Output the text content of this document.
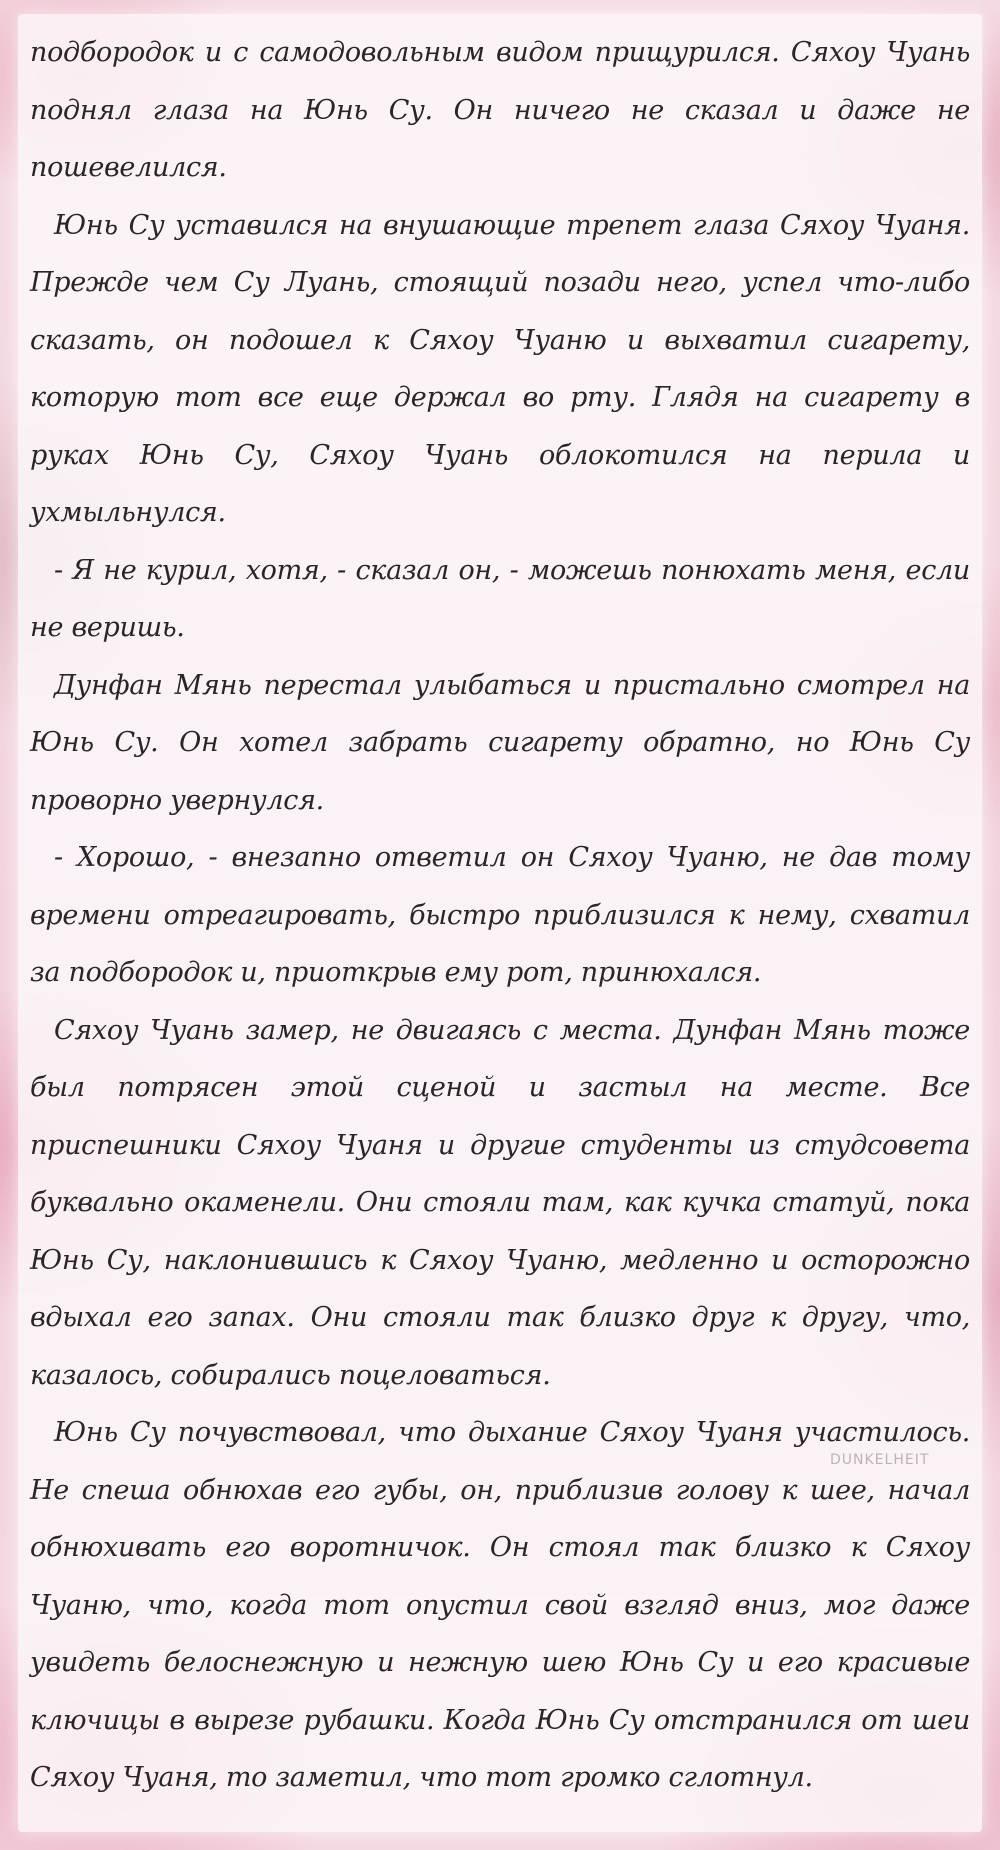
подбородок и с самодовольным видом прищурился. Сяхоу Чуань поднял глаза на Юнь Су. Он ничего не сказал и даже не пошевелился.

Юнь Су уставился на внушающие трепет глаза Сяхоу Чуаня. Прежде чем Су Луань, стоящий позади него, успел что-либо сказать, он подошел к Сяхоу Чуаню и выхватил сигарету, которую тот все еще держал во рту. Глядя на сигарету в руках Юнь Су, Сяхоу Чуань облокотился на перила и ухмыльнулся.

- Я не курил, хотя, - сказал он, - можешь понюхать меня, если не веришь.

Дунфан Мянь перестал улыбаться и пристально смотрел на Юнь Су. Он хотел забрать сигарету обратно, но Юнь Су проворно увернулся.

- Хорошо, - внезапно ответил он Сяхоу Чуаню, не дав тому времени отреагировать, быстро приблизился к нему, схватил за подбородок и, приоткрыв ему рот, принюхался.

Сяхоу Чуань замер, не двигаясь с места. Дунфан Мянь тоже был потрясен этой сценой и застыл на месте. Все приспешники Сяхоу Чуаня и другие студенты из студсовета буквально окаменели. Они стояли там, как кучка статуй, пока Юнь Су, наклонившись к Сяхоу Чуаню, медленно и осторожно вдыхал его запах. Они стояли так близко друг к другу, что, казалось, собирались поцеловаться.

Юнь Су почувствовал, что дыхание Сяхоу Чуаня участилось. Не спеша обнюхав его губы, он, приблизив голову к шее, начал обнюхивать его воротничок. Он стоял так близко к Сяхоу Чуаню, что, когда тот опустил свой взгляд вниз, мог даже увидеть белоснежную и нежную шею Юнь Су и его красивые ключицы в вырезе рубашки. Когда Юнь Су отстранился от шеи Сяхоу Чуаня, то заметил, что тот громко сглотнул.

DUNKELHEIT
